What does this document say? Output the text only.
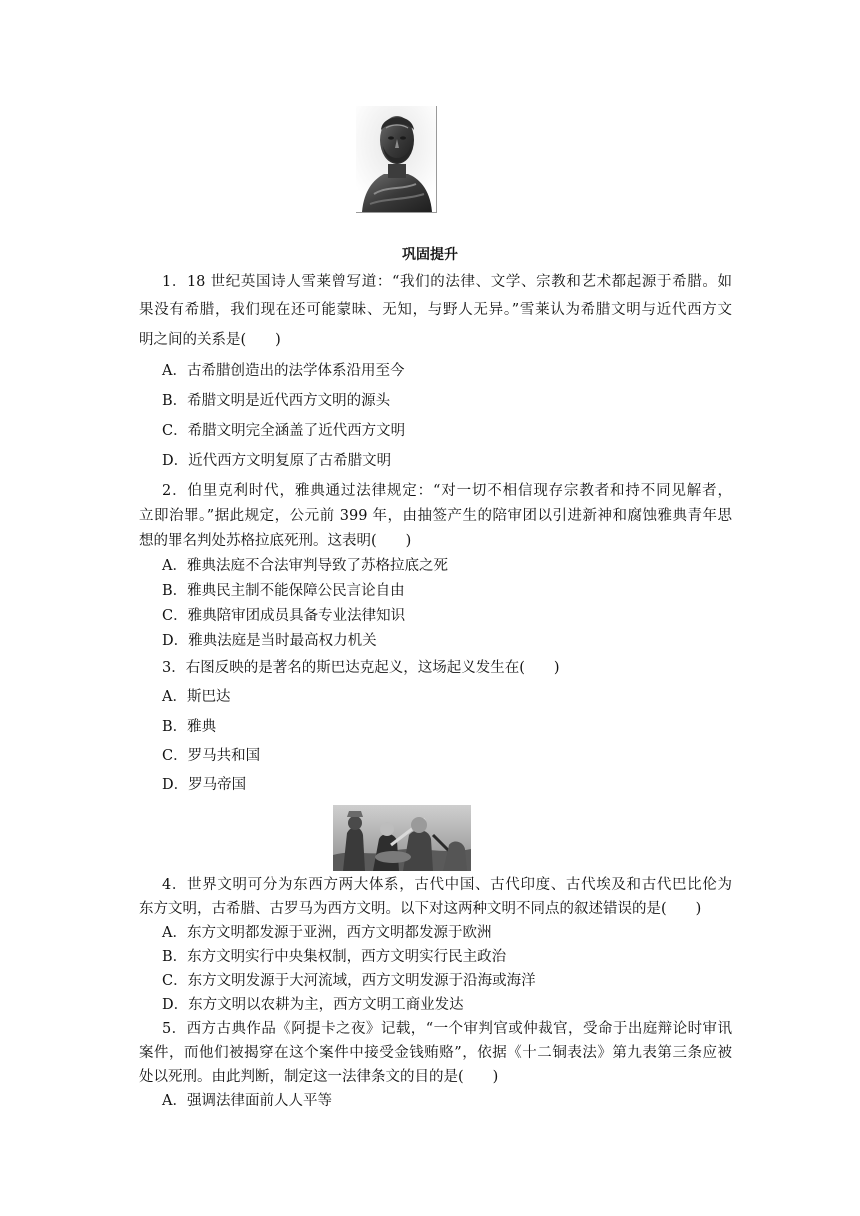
巩固提升
1．18 世纪英国诗人雪莱曾写道：“我们的法律、文学、宗教和艺术都起源于希腊。如
果没有希腊，我们现在还可能蒙昧、无知，与野人无异。”雪莱认为希腊文明与近代西方文
明之间的关系是(　　)
A．古希腊创造出的法学体系沿用至今
B．希腊文明是近代西方文明的源头
C．希腊文明完全涵盖了近代西方文明
D．近代西方文明复原了古希腊文明
2．伯里克利时代，雅典通过法律规定：“对一切不相信现存宗教者和持不同见解者，
立即治罪。”据此规定，公元前 399 年，由抽签产生的陪审团以引进新神和腐蚀雅典青年思
想的罪名判处苏格拉底死刑。这表明(　　)
A．雅典法庭不合法审判导致了苏格拉底之死
B．雅典民主制不能保障公民言论自由
C．雅典陪审团成员具备专业法律知识
D．雅典法庭是当时最高权力机关
3．右图反映的是著名的斯巴达克起义，这场起义发生在(　　)
A．斯巴达
B．雅典
C．罗马共和国
D．罗马帝国
4．世界文明可分为东西方两大体系，古代中国、古代印度、古代埃及和古代巴比伦为
东方文明，古希腊、古罗马为西方文明。以下对这两种文明不同点的叙述错误的是(　　)
A．东方文明都发源于亚洲，西方文明都发源于欧洲
B．东方文明实行中央集权制，西方文明实行民主政治
C．东方文明发源于大河流域，西方文明发源于沿海或海洋
D．东方文明以农耕为主，西方文明工商业发达
5．西方古典作品《阿提卡之夜》记载，“一个审判官或仲裁官，受命于出庭辩论时审讯
案件，而他们被揭穿在这个案件中接受金钱贿赂”，依据《十二铜表法》第九表第三条应被
处以死刑。由此判断，制定这一法律条文的目的是(　　)
A．强调法律面前人人平等
